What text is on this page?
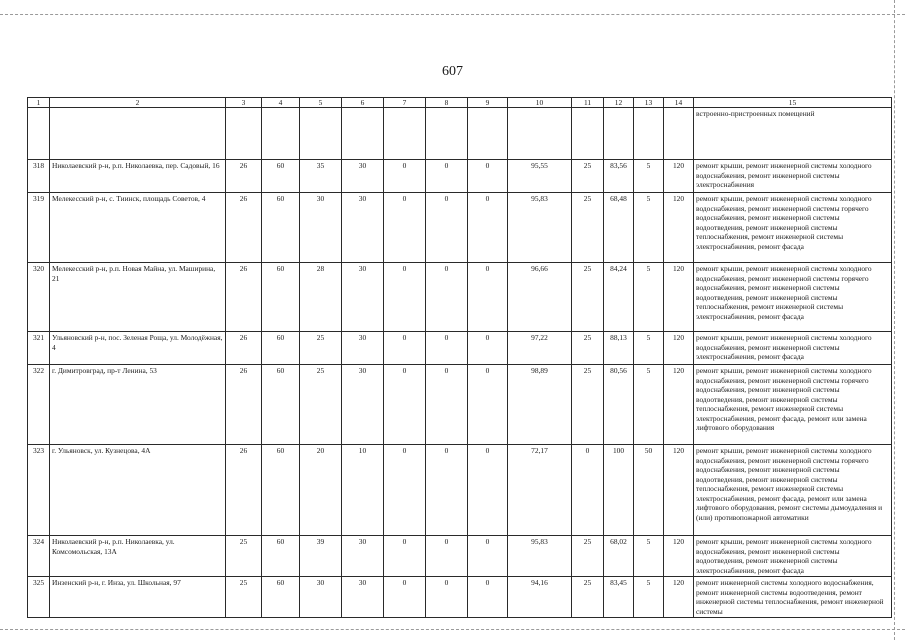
607
1	2	3	4	5	6	7	8	9	10	11	12	13	14	15
														встроенно-пристроенных помещений
318	Николаевский р-н, р.п. Николаевка, пер. Садовый, 16	26	60	35	30	0	0	0	95,55	25	83,56	5	120	ремонт крыши, ремонт инженерной системы холодного водоснабжения, ремонт инженерной системы электроснабжения
319	Мелекесский р-н, с. Тиинск, площадь Советов, 4	26	60	30	30	0	0	0	95,83	25	68,48	5	120	ремонт крыши, ремонт инженерной системы холодного водоснабжения, ремонт инженерной системы горячего водоснабжения, ремонт инженерной системы водоотведения, ремонт инженерной системы теплоснабжения, ремонт инженерной системы электроснабжения, ремонт фасада
320	Мелекесский р-н, р.п. Новая Майна, ул. Маширина, 21	26	60	28	30	0	0	0	96,66	25	84,24	5	120	ремонт крыши, ремонт инженерной системы холодного водоснабжения, ремонт инженерной системы горячего водоснабжения, ремонт инженерной системы водоотведения, ремонт инженерной системы теплоснабжения, ремонт инженерной системы электроснабжения, ремонт фасада
321	Ульяновский р-н, пос. Зеленая Роща, ул. Молодёжная, 4	26	60	25	30	0	0	0	97,22	25	88,13	5	120	ремонт крыши, ремонт инженерной системы холодного водоснабжения, ремонт инженерной системы электроснабжения, ремонт фасада
322	г. Димитровград, пр-т Ленина, 53	26	60	25	30	0	0	0	98,89	25	80,56	5	120	ремонт крыши, ремонт инженерной системы холодного водоснабжения, ремонт инженерной системы горячего водоснабжения, ремонт инженерной системы водоотведения, ремонт инженерной системы теплоснабжения, ремонт инженерной системы электроснабжения, ремонт фасада, ремонт или замена лифтового оборудования
323	г. Ульяновск, ул. Кузнецова, 4А	26	60	20	10	0	0	0	72,17	0	100	50	120	ремонт крыши, ремонт инженерной системы холодного водоснабжения, ремонт инженерной системы горячего водоснабжения, ремонт инженерной системы водоотведения, ремонт инженерной системы теплоснабжения, ремонт инженерной системы электроснабжения, ремонт фасада, ремонт или замена лифтового оборудования, ремонт системы дымоудаления и (или) противопожарной автоматики
324	Николаевский р-н, р.п. Николаевка, ул. Комсомольская, 13А	25	60	39	30	0	0	0	95,83	25	68,02	5	120	ремонт крыши, ремонт инженерной системы холодного водоснабжения, ремонт инженерной системы водоотведения, ремонт инженерной системы электроснабжения, ремонт фасада
325	Инзенский р-н, г. Инза, ул. Школьная, 97	25	60	30	30	0	0	0	94,16	25	83,45	5	120	ремонт инженерной системы холодного водоснабжения, ремонт инженерной системы водоотведения, ремонт инженерной системы теплоснабжения, ремонт инженерной системы
